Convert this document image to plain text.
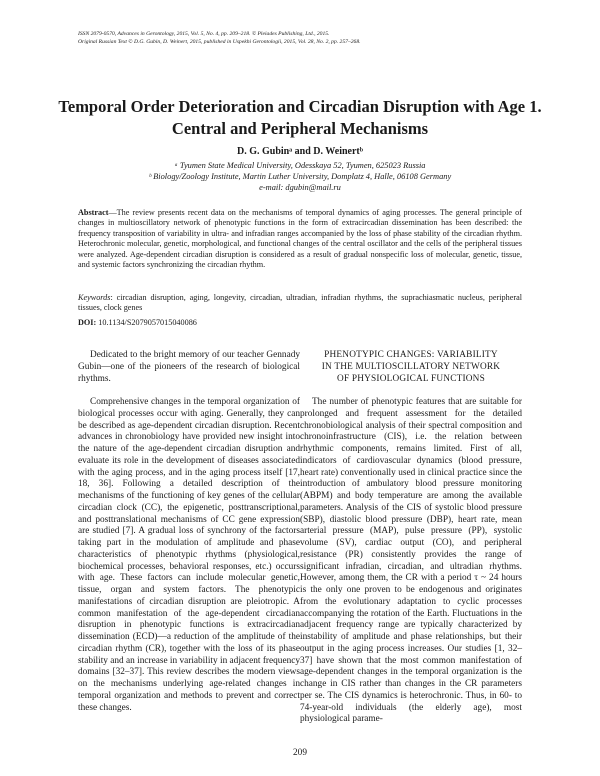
ISSN 2079-0570, Advances in Gerontology, 2015, Vol. 5, No. 4, pp. 209–218. © Pleiades Publishing, Ltd., 2015.
Original Russian Text © D.G. Gubin, D. Weinert, 2015, published in Uspekhi Gerontologii, 2015, Vol. 28, No. 2, pp. 257–268.
Temporal Order Deterioration and Circadian Disruption with Age 1. Central and Peripheral Mechanisms
D. G. Gubinᵃ and D. Weinertᵇ
ᵃ Tyumen State Medical University, Odesskaya 52, Tyumen, 625023 Russia
ᵇ Biology/Zoology Institute, Martin Luther University, Domplatz 4, Halle, 06108 Germany
e-mail: dgubin@mail.ru
Abstract—The review presents recent data on the mechanisms of temporal dynamics of aging processes. The general principle of changes in multioscillatory network of phenotypic functions in the form of extracircadian dissemination has been described: the frequency transposition of variability in ultra- and infradian ranges accompanied by the loss of phase stability of the circadian rhythm. Heterochronic molecular, genetic, morphological, and functional changes of the central oscillator and the cells of the peripheral tissues were analyzed. Age-dependent circadian disruption is considered as a result of gradual nonspecific loss of molecular, genetic, tissue, and systemic factors synchronizing the circadian rhythm.
Keywords: circadian disruption, aging, longevity, circadian, ultradian, infradian rhythms, the suprachiasmatic nucleus, peripheral tissues, clock genes
DOI: 10.1134/S2079057015040086

Dedicated to the bright memory of our teacher Gennady Gubin—one of the pioneers of the research of biological rhythms.

Comprehensive changes in the temporal organization of biological processes occur with aging. Generally, they can be described as age-dependent circadian disruption. Recent advances in chronobiology have provided new insight into the nature of the age-dependent circadian disruption and evaluate its role in the development of diseases associated with the aging process, and in the aging process itself [17, 18, 36]. Following a detailed description of the mechanisms of the functioning of key genes of the cellular circadian clock (CC), the epigenetic, posttranscriptional, and posttranslational mechanisms of CC gene expression are studied [7]. A gradual loss of synchrony of the factors taking part in the modulation of amplitude and phase characteristics of phenotypic rhythms (physiological, biochemical processes, behavioral responses, etc.) occurs with age. These factors can include molecular genetic, tissue, organ and system factors. The phenotypic manifestations of circadian disruption are pleiotropic. A common manifestation of the age-dependent circadian disruption in phenotypic functions is extracircadian dissemination (ECD)—a reduction of the amplitude of the circadian rhythm (CR), together with the loss of its phase stability and an increase in variability in adjacent frequency domains [32–37]. This review describes the modern views on the mechanisms underlying age-related changes in temporal organization and methods to prevent and correct these changes.

PHENOTYPIC CHANGES: VARIABILITY
IN THE MULTIOSCILLATORY NETWORK
OF PHYSIOLOGICAL FUNCTIONS

The number of phenotypic features that are suitable for prolonged and frequent assessment for the detailed chronobiological analysis of their spectral composition and chronoinfrastructure (CIS), i.e. the relation between rhythmic components, remains limited. First of all, indicators of cardiovascular dynamics (blood pressure, heart rate) conventionally used in clinical practice since the introduction of ambulatory blood pressure monitoring (ABPM) and body temperature are among the available parameters. Analysis of the CIS of systolic blood pressure (SBP), diastolic blood pressure (DBP), heart rate, mean arterial pressure (MAP), pulse pressure (PP), systolic volume (SV), cardiac output (CO), and peripheral resistance (PR) consistently provides the range of significant infradian, circadian, and ultradian rhythms. However, among them, the CR with a period τ ~ 24 hours is the only one proven to be endogenous and originates from the evolutionary adaptation to cyclic processes accompanying the rotation of the Earth. Fluctuations in the adjacent frequency range are typically characterized by instability of amplitude and phase relationships, but their output in the aging process increases. Our studies [1, 32–37] have shown that the most common manifestation of age-dependent changes in the temporal organization is the change in CIS rather than changes in the CR parameters per se. The CIS dynamics is heterochronic. Thus, in 60- to 74-year-old individuals (the elderly age), most physiological parame-

209
